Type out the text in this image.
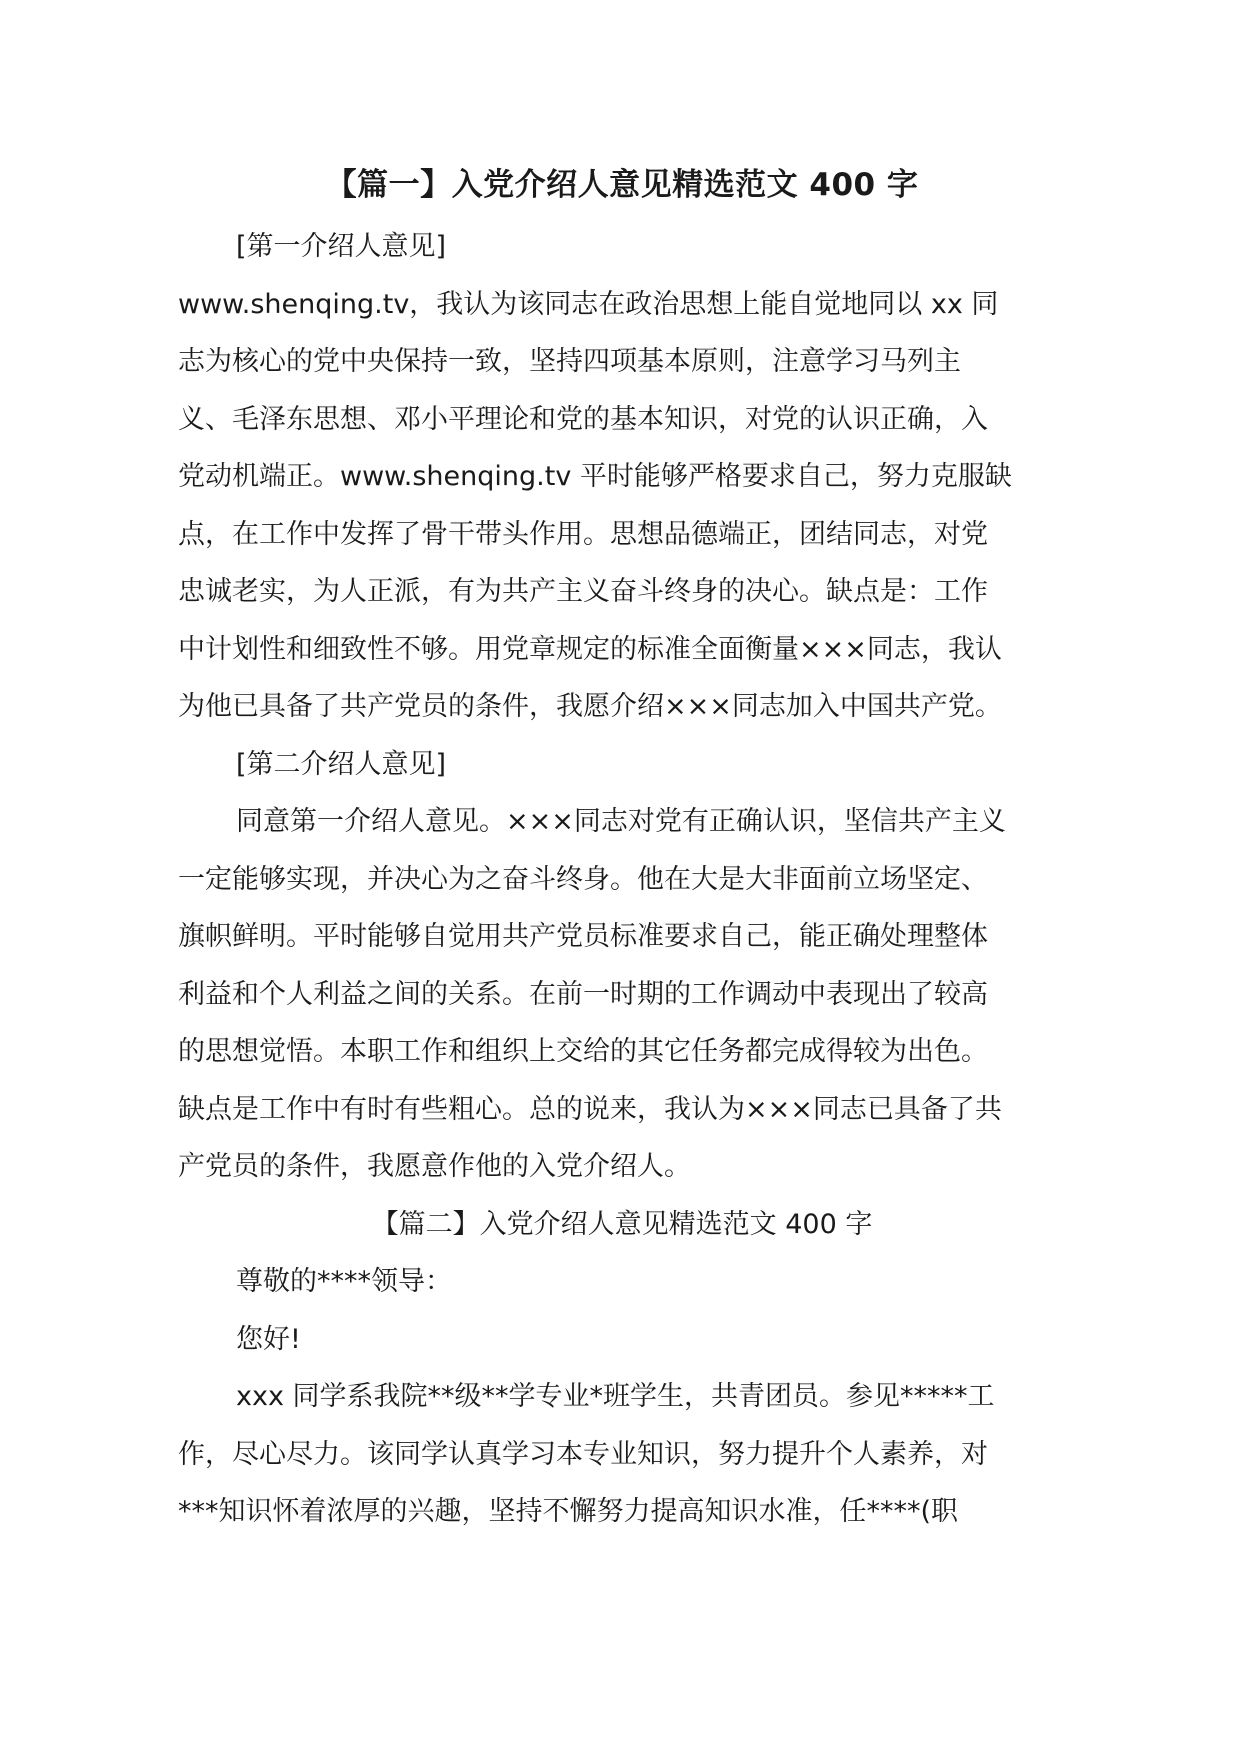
【篇一】入党介绍人意见精选范文 400 字

[第一介绍人意见]

www.shenqing.tv，我认为该同志在政治思想上能自觉地同以 xx 同

志为核心的党中央保持一致，坚持四项基本原则，注意学习马列主

义、毛泽东思想、邓小平理论和党的基本知识，对党的认识正确，入

党动机端正。www.shenqing.tv 平时能够严格要求自己，努力克服缺

点，在工作中发挥了骨干带头作用。思想品德端正，团结同志，对党

忠诚老实，为人正派，有为共产主义奋斗终身的决心。缺点是：工作

中计划性和细致性不够。用党章规定的标准全面衡量×××同志，我认

为他已具备了共产党员的条件，我愿介绍×××同志加入中国共产党。

[第二介绍人意见]

同意第一介绍人意见。×××同志对党有正确认识，坚信共产主义

一定能够实现，并决心为之奋斗终身。他在大是大非面前立场坚定、

旗帜鲜明。平时能够自觉用共产党员标准要求自己，能正确处理整体

利益和个人利益之间的关系。在前一时期的工作调动中表现出了较高

的思想觉悟。本职工作和组织上交给的其它任务都完成得较为出色。

缺点是工作中有时有些粗心。总的说来，我认为×××同志已具备了共

产党员的条件，我愿意作他的入党介绍人。

【篇二】入党介绍人意见精选范文 400 字

尊敬的****领导：

您好!

xxx 同学系我院**级**学专业*班学生，共青团员。参见*****工

作，尽心尽力。该同学认真学习本专业知识，努力提升个人素养，对

***知识怀着浓厚的兴趣，坚持不懈努力提高知识水准，任****(职
